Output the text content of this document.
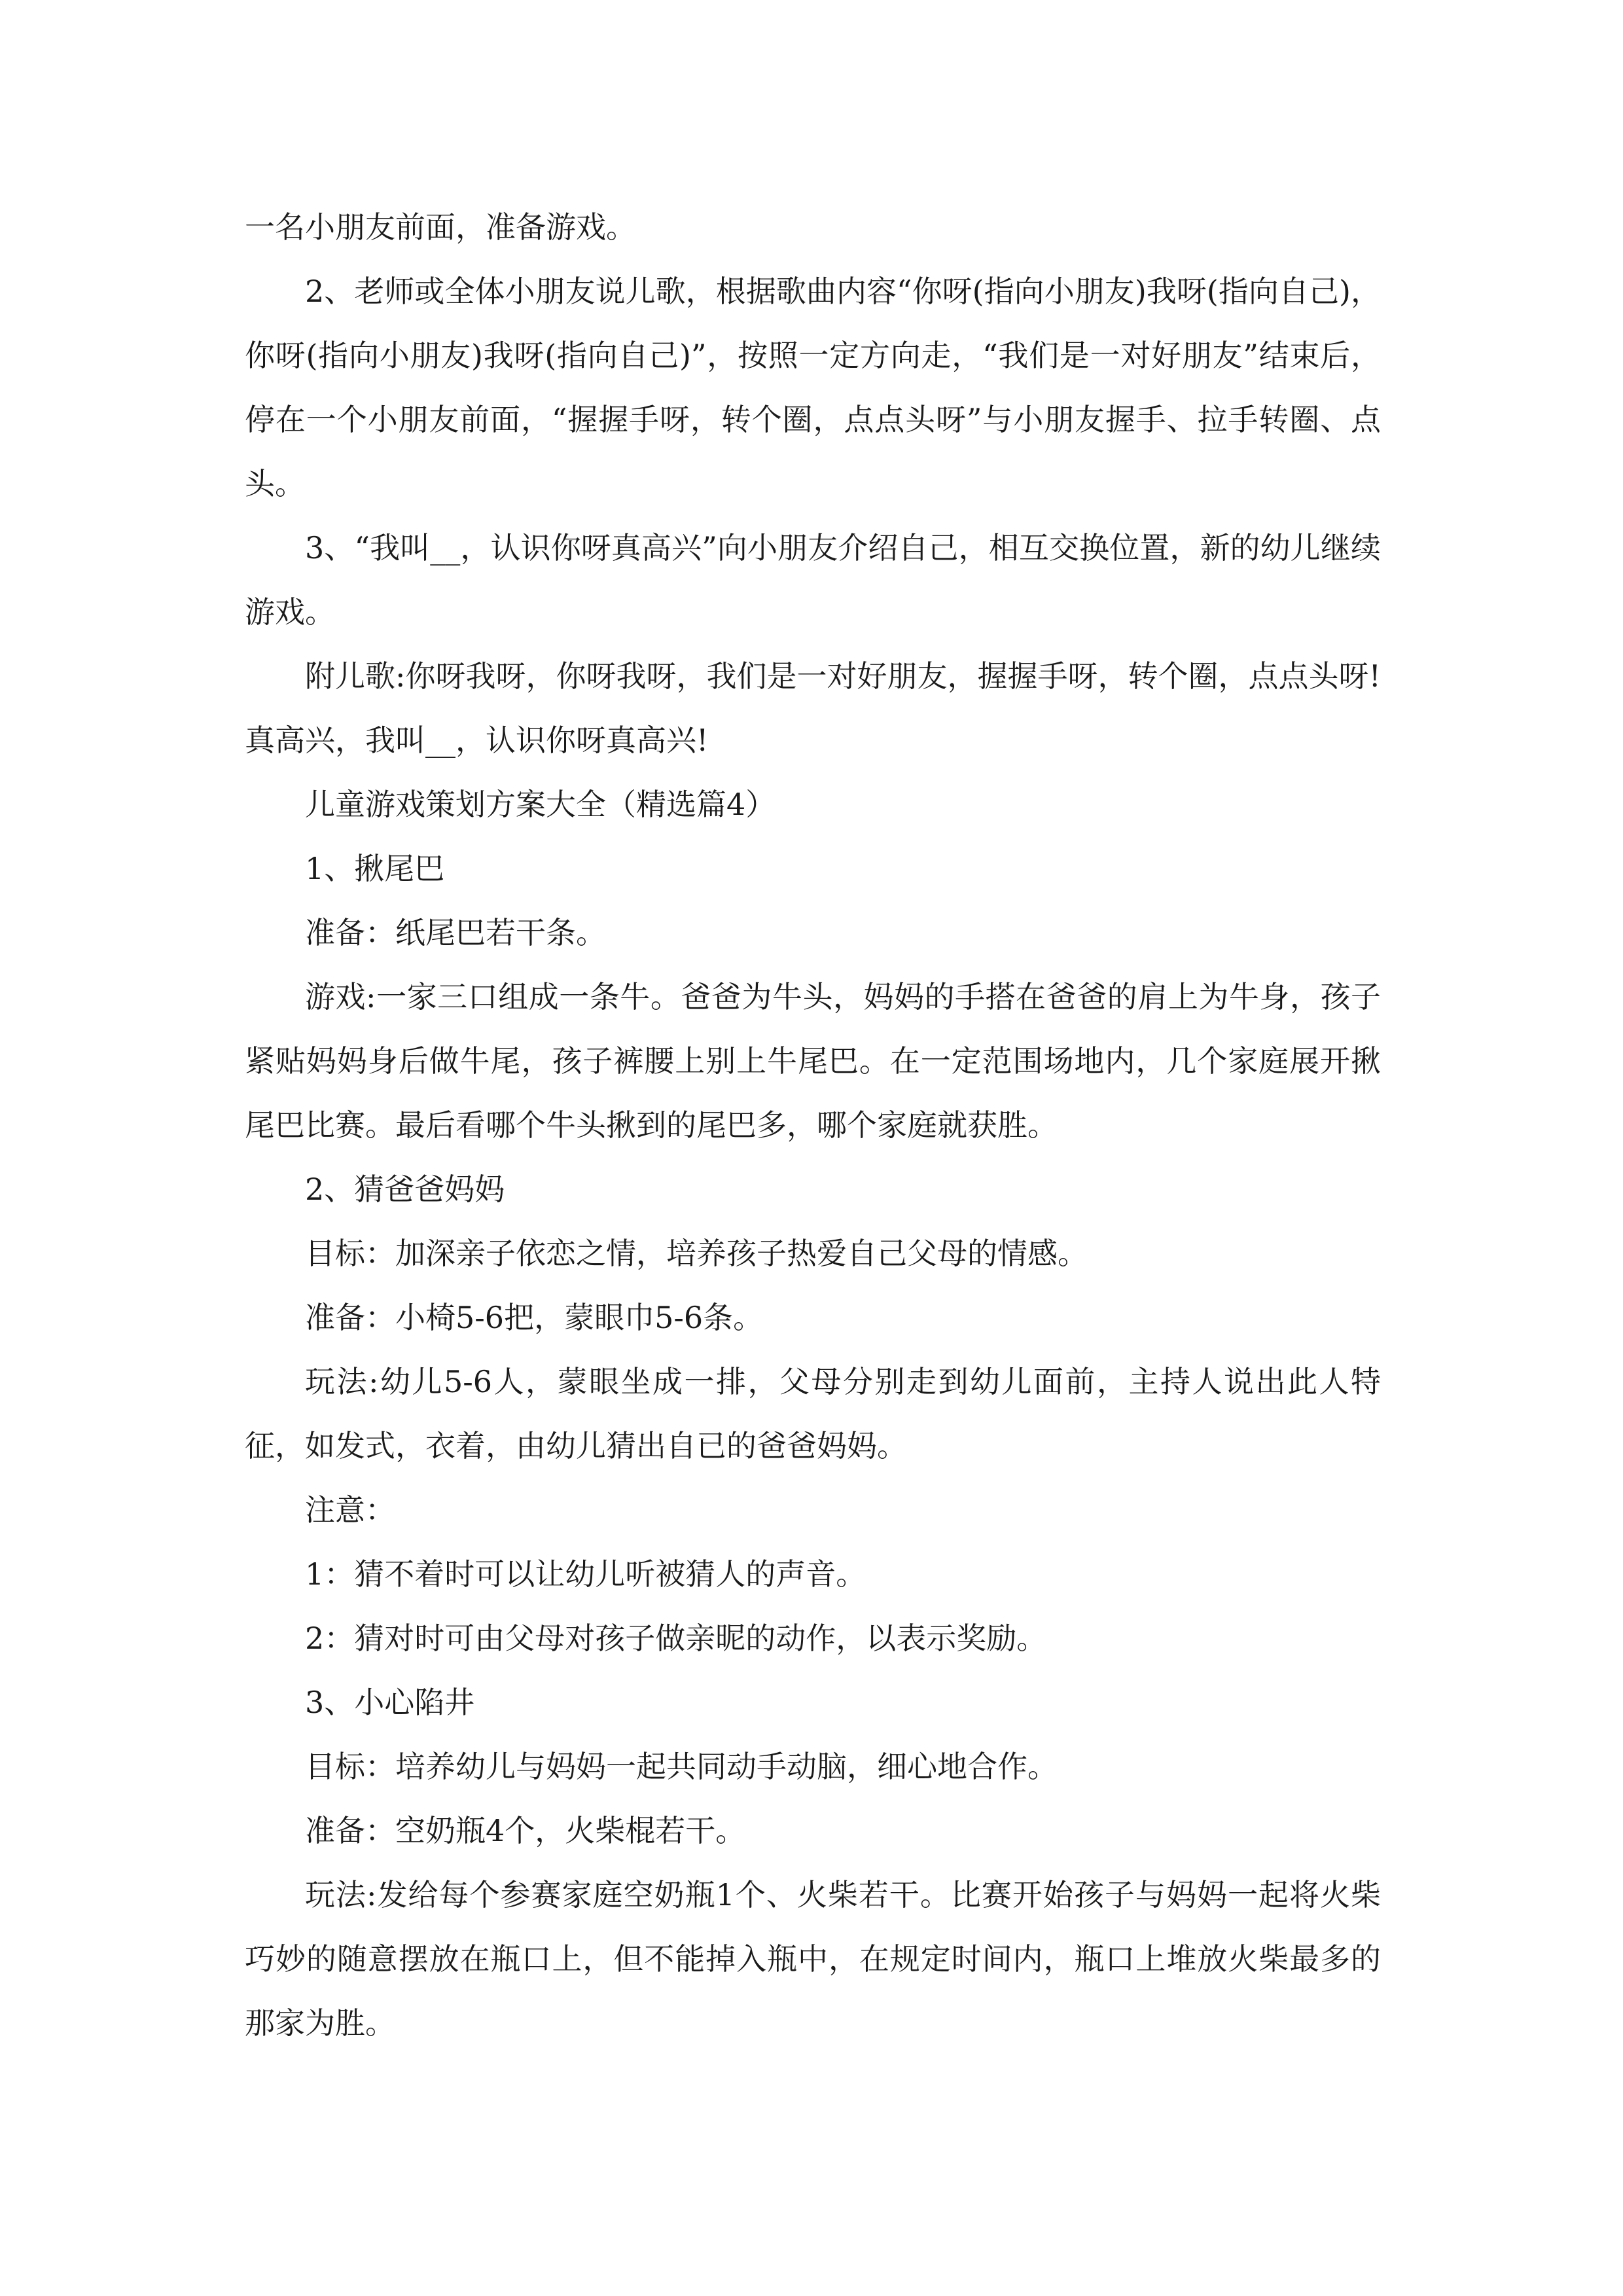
一名小朋友前面，准备游戏。

2、老师或全体小朋友说儿歌，根据歌曲内容“你呀(指向小朋友)我呀(指向自己)，你呀(指向小朋友)我呀(指向自己)”，按照一定方向走，“我们是一对好朋友”结束后，停在一个小朋友前面，“握握手呀，转个圈，点点头呀”与小朋友握手、拉手转圈、点头。

3、“我叫__，认识你呀真高兴”向小朋友介绍自己，相互交换位置，新的幼儿继续游戏。

附儿歌:你呀我呀，你呀我呀，我们是一对好朋友，握握手呀，转个圈，点点头呀!真高兴，我叫__，认识你呀真高兴!

儿童游戏策划方案大全（精选篇4）

1、揪尾巴

准备：纸尾巴若干条。

游戏:一家三口组成一条牛。爸爸为牛头，妈妈的手搭在爸爸的肩上为牛身，孩子紧贴妈妈身后做牛尾，孩子裤腰上别上牛尾巴。在一定范围场地内，几个家庭展开揪尾巴比赛。最后看哪个牛头揪到的尾巴多，哪个家庭就获胜。

2、猜爸爸妈妈

目标：加深亲子依恋之情，培养孩子热爱自己父母的情感。

准备：小椅5-6把，蒙眼巾5-6条。

玩法:幼儿5-6人，蒙眼坐成一排，父母分别走到幼儿面前，主持人说出此人特征，如发式，衣着，由幼儿猜出自已的爸爸妈妈。

注意：

1：猜不着时可以让幼儿听被猜人的声音。

2：猜对时可由父母对孩子做亲昵的动作，以表示奖励。

3、小心陷井

目标：培养幼儿与妈妈一起共同动手动脑，细心地合作。

准备：空奶瓶4个，火柴棍若干。

玩法:发给每个参赛家庭空奶瓶1个、火柴若干。比赛开始孩子与妈妈一起将火柴巧妙的随意摆放在瓶口上，但不能掉入瓶中，在规定时间内，瓶口上堆放火柴最多的那家为胜。
